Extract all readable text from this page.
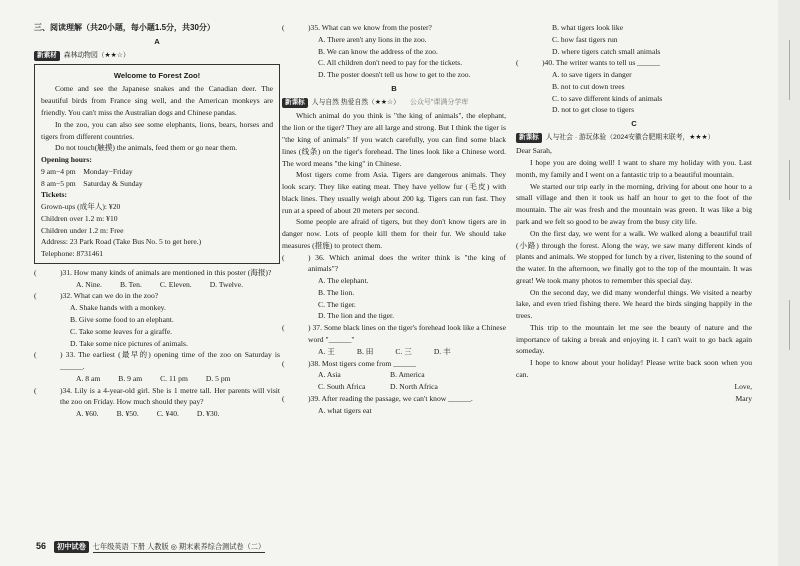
三、阅读理解（共20小题，每小题1.5分，共30分）
A
新素材	森林动物园（★★☆）
Welcome to Forest Zoo!
Come and see the Japanese snakes and the Canadian deer. The beautiful birds from France sing well, and the American monkeys are friendly. You can't miss the Australian dogs and Chinese pandas.
In the zoo, you can also see some elephants, lions, bears, horses and tigers from different countries.
Do not touch(触摸) the animals, feed them or go near them.
Opening hours:
9 am−4 pm    Monday−Friday
8 am−5 pm    Saturday & Sunday
Tickets:
Grown-ups (成年人): ¥20
Children over 1.2 m: ¥10
Children under 1.2 m: Free
Address: 23 Park Road (Take Bus No. 5 to get here.)
Telephone: 8731461
(	)31. How many kinds of animals are mentioned in this poster (海报)?
A. Nine. B. Ten. C. Eleven. D. Twelve.
(	)32. What can we do in the zoo?
A. Shake hands with a monkey.
B. Give some food to an elephant.
C. Take some leaves for a giraffe.
D. Take some nice pictures of animals.
(	) 33. The earliest (最早的) opening time of the zoo on Saturday is ______.
A. 8 am B. 9 am C. 11 pm D. 5 pm
(	)34. Lily is a 4-year-old girl. She is 1 metre tall. Her parents will visit the zoo on Friday. How much should they pay?
A. ¥60. B. ¥50. C. ¥40. D. ¥30.
(	)35. What can we know from the poster?
A. There aren't any lions in the zoo.
B. We can know the address of the zoo.
C. All children don't need to pay for the tickets.
D. The poster doesn't tell us how to get to the zoo.
B
新课标	人与自然 热爱自然（★★☆） 公众号"课满分学库
Which animal do you think is "the king of animals", the elephant, the lion or the tiger? They are all large and strong. But I think the tiger is "the king of animals" If you watch carefully, you can find some black lines (线条) on the tiger's forehead. The lines look like a Chinese word. The word means "the king" in Chinese.
Most tigers come from Asia. Tigers are dangerous animals. They look scary. They like eating meat. They have yellow fur (毛皮) with black lines. They usually weigh about 200 kg. Tigers can run fast. They run at a speed of about 20 meters per second.
Some people are afraid of tigers, but they don't know tigers are in danger now. Lots of people kill them for their fur. We should take measures (措施) to protect them.
(	) 36. Which animal does the writer think is "the king of animals"?
A. The elephant.
B. The lion.
C. The tiger.
D. The lion and the tiger.
(	) 37. Some black lines on the tiger's forehead look like a Chinese word "______"
A. 王	B. 田	C. 三	D. 丰
(	)38. Most tigers come from ______
A. Asia	B. America
C. South Africa	D. North Africa
(	)39. After reading the passage, we can't know ______.
A. what tigers eat
B. what tigers look like
C. how fast tigers run
D. where tigers catch small animals
(	)40. The writer wants to tell us ______
A. to save tigers in danger
B. not to cut down trees
C. to save different kinds of animals
D. not to get close to tigers
C
新课标	人与社会 · 游玩体验（2024安徽合肥期末联考，★★★）
Dear Sarah,
I hope you are doing well! I want to share my holiday with you. Last month, my family and I went on a fantastic trip to a beautiful mountain.
We started our trip early in the morning, driving for about one hour to a small village and then it took us half an hour to get to the foot of the mountain. The air was fresh and the mountain was green. It was like a big park and we felt so good to be away from the busy city life.
On the first day, we went for a walk. We walked along a beautiful trail (小路) through the forest. Along the way, we saw many different kinds of plants and animals. We stopped for lunch by a river, listening to the sound of the water. In the afternoon, we finally got to the top of the mountain. It was great! We took many photos to remember this special day.
On the second day, we did many wonderful things. We visited a nearby lake, and even tried fishing there. We heard the birds singing happily in the trees.
This trip to the mountain let me see the beauty of nature and the importance of taking a break and enjoying it. I can't wait to go back again someday.
I hope to know about your holiday! Please write back soon when you can.
Love,
Mary
56	初中试卷 七年级英语 下册 人教版 ◎ 期末素养综合测试卷（二）
